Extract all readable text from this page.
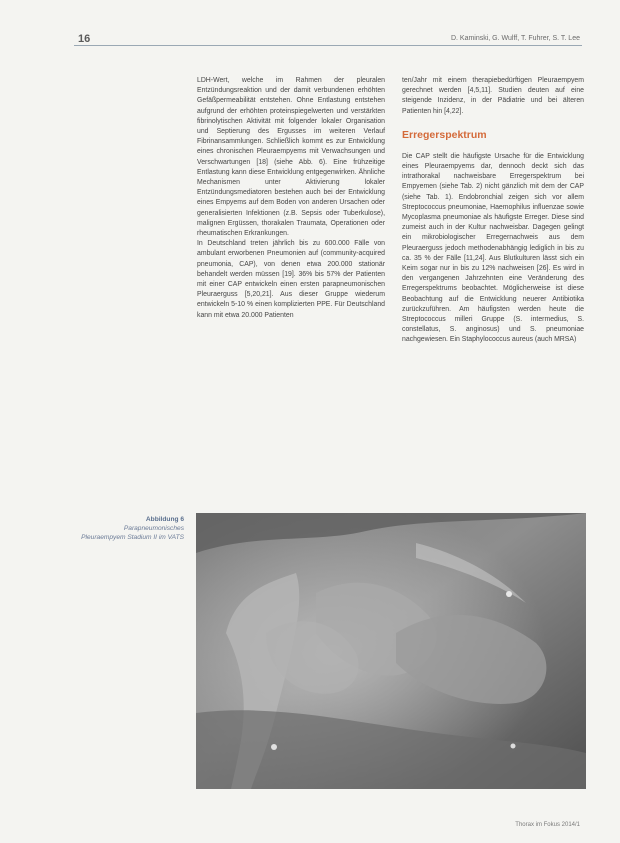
16	D. Kaminski, G. Wulff, T. Fuhrer, S. T. Lee

LDH-Wert, welche im Rahmen der pleuralen Entzündungsreaktion und der damit verbundenen erhöhten Gefäßpermeabilität entstehen. Ohne Entlastung entstehen aufgrund der erhöhten proteinspiegelwerten und verstärkten fibrinolytischen Aktivität mit folgender lokaler Organisation und Septierung des Ergusses im weiteren Verlauf Fibrinansammlungen. Schließlich kommt es zur Entwicklung eines chronischen Pleuraempyems mit Verwachsungen und Verschwartungen [18] (siehe Abb. 6). Eine frühzeitige Entlastung kann diese Entwicklung entgegenwirken. Ähnliche Mechanismen unter Aktivierung lokaler Entzündungsmediatoren bestehen auch bei der Entwicklung eines Empyems auf dem Boden von anderen Ursachen oder generalisierten Infektionen (z.B. Sepsis oder Tuberkulose), malignen Ergüssen, thorakalen Traumata, Operationen oder rheumatischen Erkrankungen.

In Deutschland treten jährlich bis zu 600.000 Fälle von ambulant erworbenen Pneumonien auf (community-acquired pneumonia, CAP), von denen etwa 200.000 stationär behandelt werden müssen [19]. 36% bis 57% der Patienten mit einer CAP entwickeln einen ersten parapneumonischen Pleuraerguss [5,20,21]. Aus dieser Gruppe wiederum entwickeln 5-10 % einen komplizierten PPE. Für Deutschland kann mit etwa 20.000 Patienten

ten/Jahr mit einem therapiebedürftigen Pleuraempyem gerechnet werden [4,5,11]. Studien deuten auf eine steigende Inzidenz, in der Pädiatrie und bei älteren Patienten hin [4,22].

Erregerspektrum

Die CAP stellt die häufigste Ursache für die Entwicklung eines Pleuraempyems dar, dennoch deckt sich das intrathorakal nachweisbare Erregerspektrum bei Empyemen (siehe Tab. 2) nicht gänzlich mit dem der CAP (siehe Tab. 1). Endobronchial zeigen sich vor allem Streptococcus pneumoniae, Haemophilus influenzae sowie Mycoplasma pneumoniae als häufigste Erreger. Diese sind zumeist auch in der Kultur nachweisbar. Dagegen gelingt ein mikrobiologischer Erregernachweis aus dem Pleuraerguss jedoch methodenabhängig lediglich in bis zu ca. 35 % der Fälle [11,24]. Aus Blutkulturen lässt sich ein Keim sogar nur in bis zu 12% nachweisen [26]. Es wird in den vergangenen Jahrzehnten eine Veränderung des Erregerspektrums beobachtet. Möglicherweise ist diese Beobachtung auf die Entwicklung neuerer Antibiotika zurückzuführen. Am häufigsten werden heute die Streptococcus milleri Gruppe (S. intermedius, S. constellatus, S. anginosus) und S. pneumoniae nachgewiesen. Ein Staphylococcus aureus (auch MRSA)

Abbildung 6
Parapneumonisches Pleuraempyem Stadium II im VATS
Thorax im Fokus 2014/1
